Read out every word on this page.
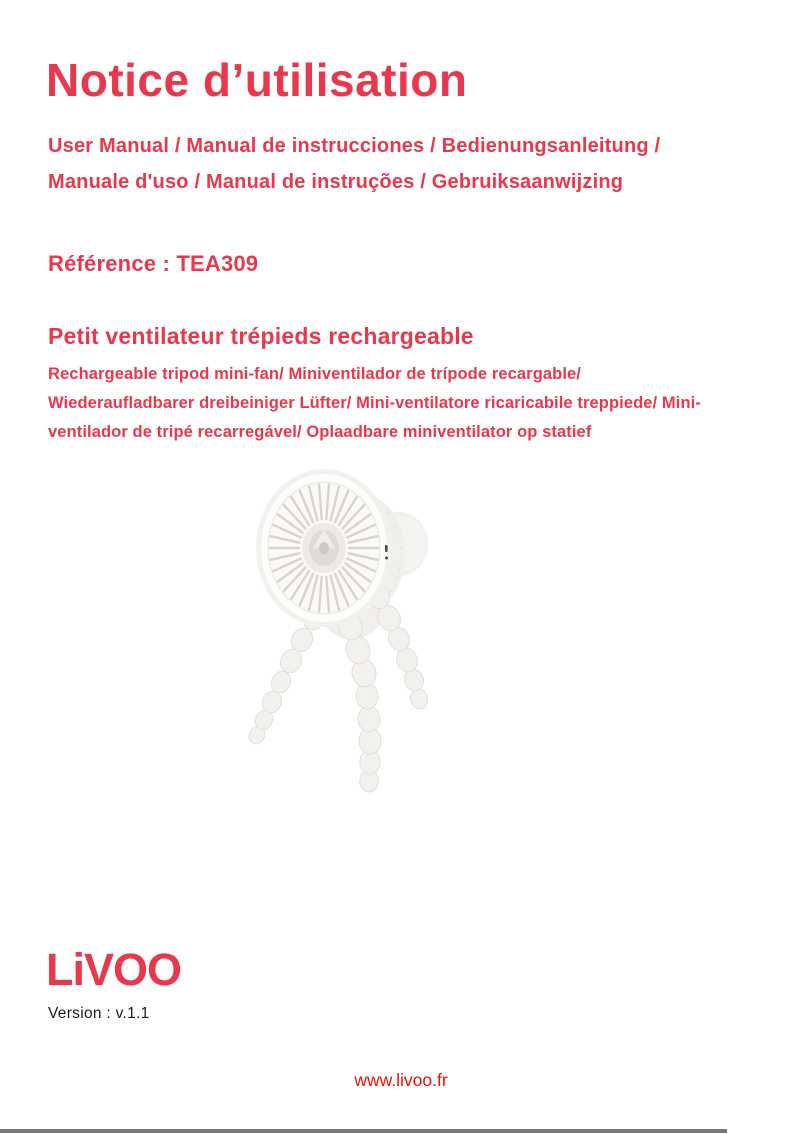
Notice d’utilisation
User Manual / Manual de instrucciones / Bedienungsanleitung /
Manuale d'uso / Manual de instruções / Gebruiksaanwijzing
Référence : TEA309
Petit ventilateur trépieds rechargeable
Rechargeable tripod mini-fan/ Miniventilador de trípode recargable/
Wiederaufladbarer dreibeiniger Lüfter/ Mini-ventilatore ricaricabile treppiede/ Mini-
ventilador de tripé recarregável/ Oplaadbare miniventilator op statief
LiVOO
Version : v.1.1
www.livoo.fr
